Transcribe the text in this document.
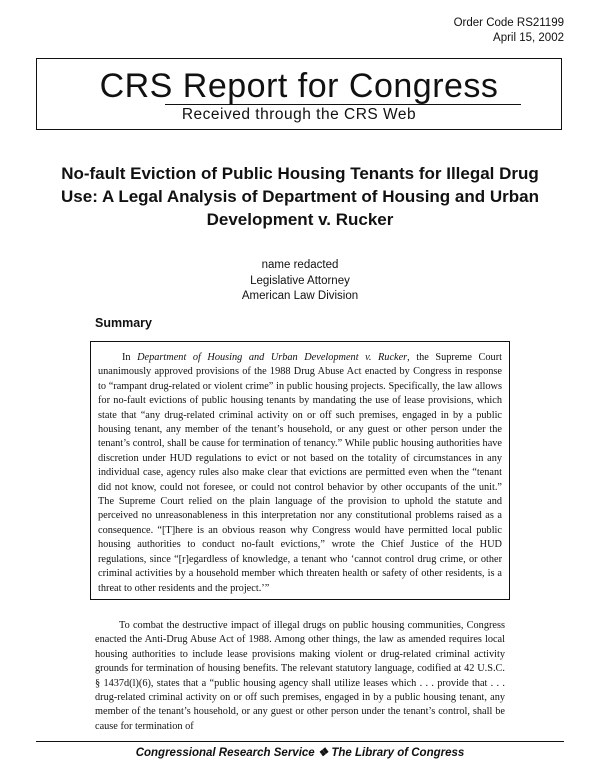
Order Code RS21199
April 15, 2002
CRS Report for Congress
Received through the CRS Web
No-fault Eviction of Public Housing Tenants for Illegal Drug Use: A Legal Analysis of Department of Housing and Urban Development v. Rucker
name redacted
Legislative Attorney
American Law Division
Summary

In Department of Housing and Urban Development v. Rucker, the Supreme Court unanimously approved provisions of the 1988 Drug Abuse Act enacted by Congress in response to “rampant drug-related or violent crime” in public housing projects. Specifically, the law allows for no-fault evictions of public housing tenants by mandating the use of lease provisions, which state that “any drug-related criminal activity on or off such premises, engaged in by a public housing tenant, any member of the tenant’s household, or any guest or other person under the tenant’s control, shall be cause for termination of tenancy.” While public housing authorities have discretion under HUD regulations to evict or not based on the totality of circumstances in any individual case, agency rules also make clear that evictions are permitted even when the “tenant did not know, could not foresee, or could not control behavior by other occupants of the unit.” The Supreme Court relied on the plain language of the provision to uphold the statute and perceived no unreasonableness in this interpretation nor any constitutional problems raised as a consequence. “[T]here is an obvious reason why Congress would have permitted local public housing authorities to conduct no-fault evictions,” wrote the Chief Justice of the HUD regulations, since “[r]egardless of knowledge, a tenant who ‘cannot control drug crime, or other criminal activities by a household member which threaten health or safety of other residents, is a threat to other residents and the project.’”

To combat the destructive impact of illegal drugs on public housing communities, Congress enacted the Anti-Drug Abuse Act of 1988. Among other things, the law as amended requires local housing authorities to include lease provisions making violent or drug-related criminal activity grounds for termination of housing benefits. The relevant statutory language, codified at 42 U.S.C. § 1437d(l)(6), states that a “public housing agency shall utilize leases which . . . provide that . . . drug-related criminal activity on or off such premises, engaged in by a public housing tenant, any member of the tenant’s household, or any guest or other person under the tenant’s control, shall be cause for termination of

Congressional Research Service ❖ The Library of Congress
